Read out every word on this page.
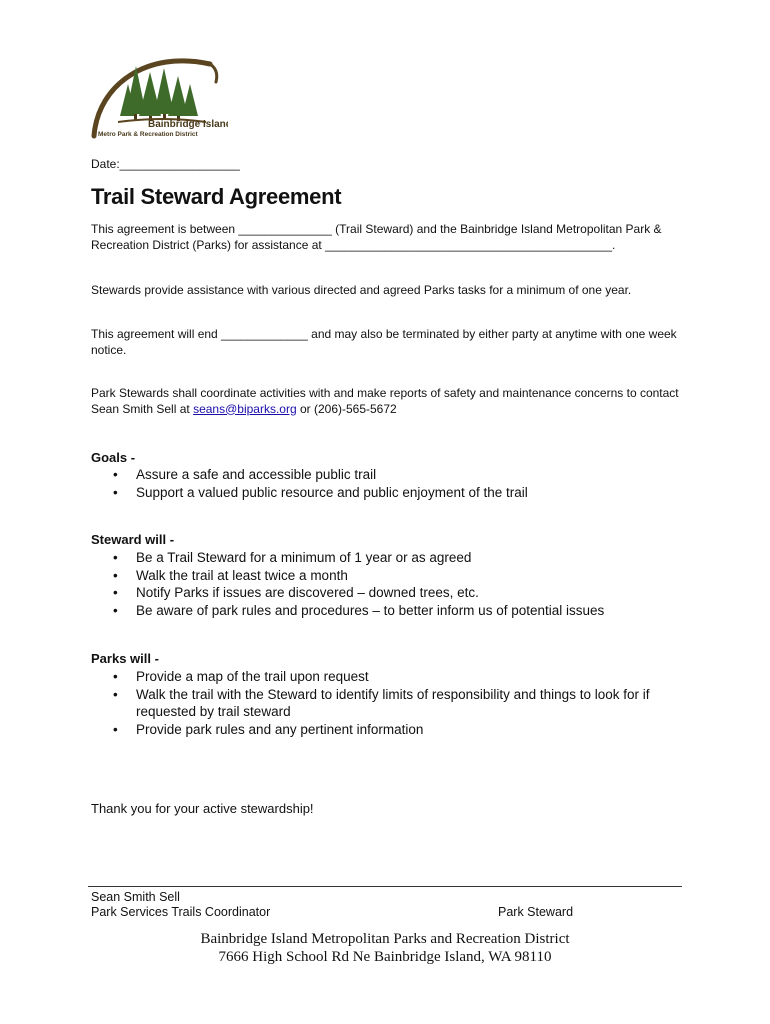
Bainbridge Island
Metro Park & Recreation District
Date:__________________
Trail Steward Agreement

This agreement is between ______________ (Trail Steward) and the Bainbridge Island Metropolitan Park & Recreation District (Parks) for assistance at ___________________________________________.

Stewards provide assistance with various directed and agreed Parks tasks for a minimum of one year.

This agreement will end _____________ and may also be terminated by either party at anytime with one week notice.

Park Stewards shall coordinate activities with and make reports of safety and maintenance concerns to contact Sean Smith Sell at seans@biparks.org or (206)-565-5672

Goals -
• Assure a safe and accessible public trail
• Support a valued public resource and public enjoyment of the trail
Steward will -
• Be a Trail Steward for a minimum of 1 year or as agreed
• Walk the trail at least twice a month
• Notify Parks if issues are discovered – downed trees, etc.
• Be aware of park rules and procedures – to better inform us of potential issues
Parks will -
• Provide a map of the trail upon request
• Walk the trail with the Steward to identify limits of responsibility and things to look for if requested by trail steward
• Provide park rules and any pertinent information
Thank you for your active stewardship!
Sean Smith Sell
Park Services Trails Coordinator	Park Steward
Bainbridge Island Metropolitan Parks and Recreation District
7666 High School Rd Ne Bainbridge Island, WA 98110
